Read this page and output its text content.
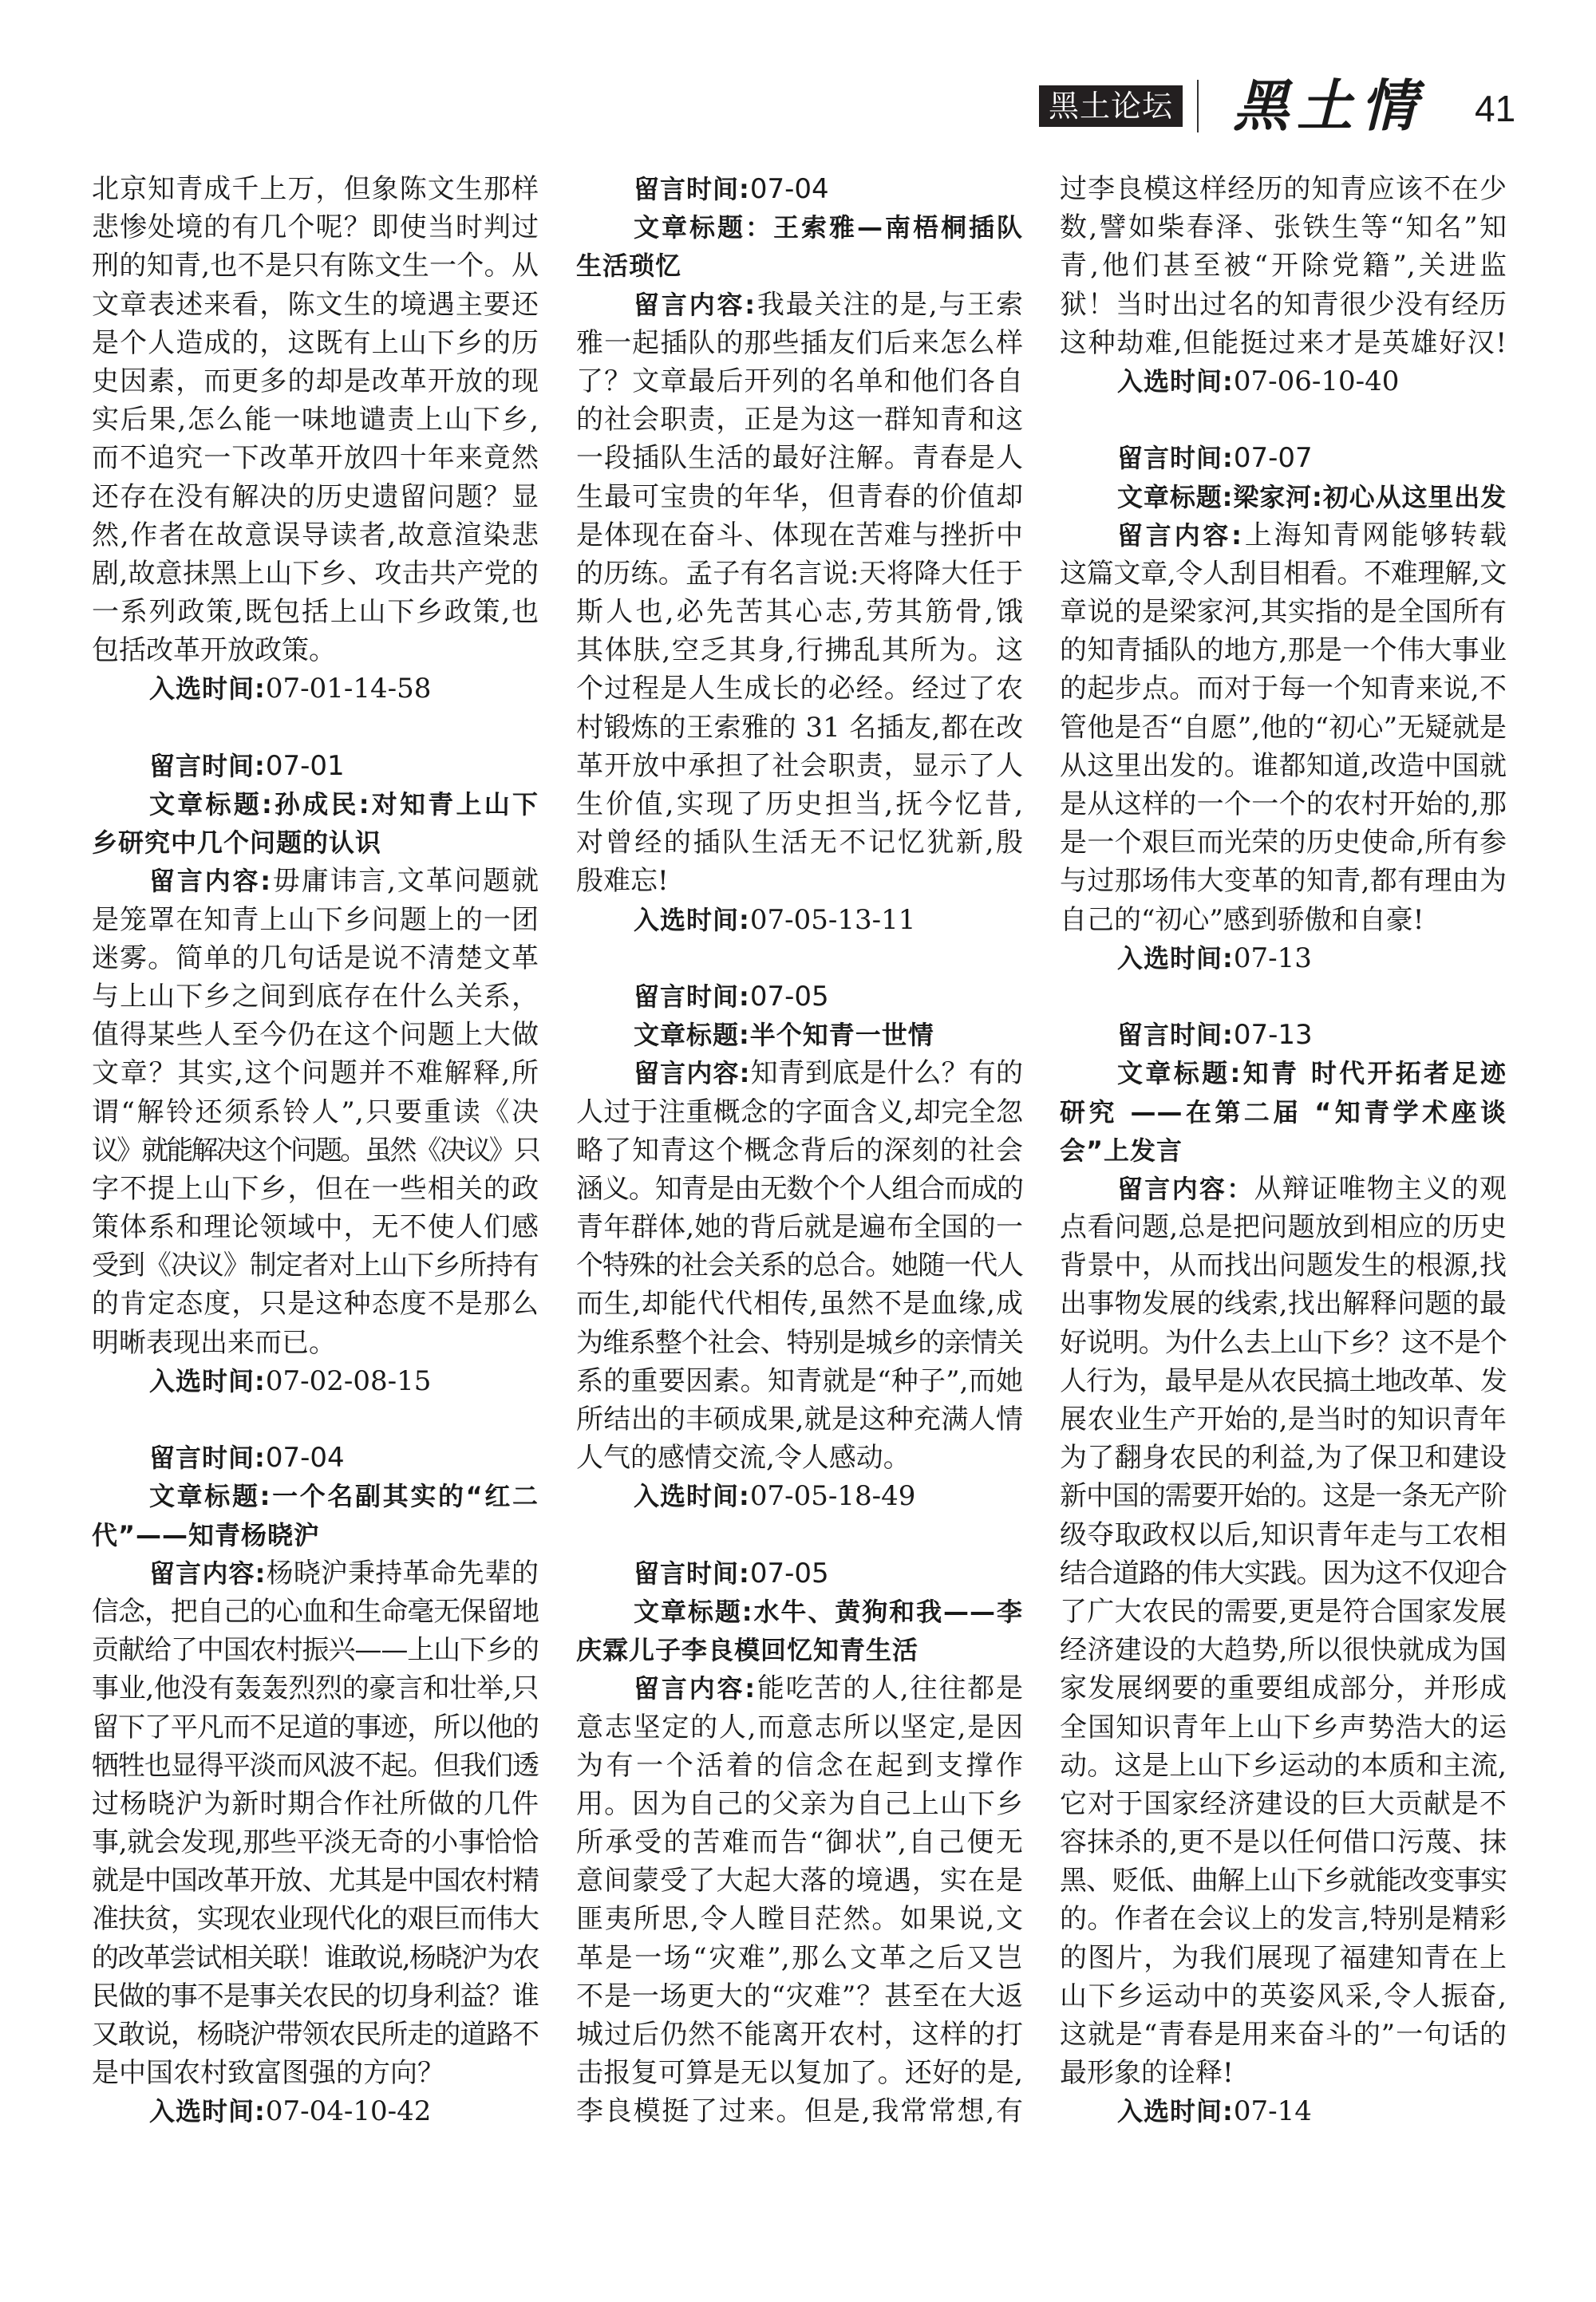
黑土论坛 黑土情 41
北京知青成千上万，但象陈文生那样
悲惨处境的有几个呢？即使当时判过
刑的知青,也不是只有陈文生一个。从
文章表述来看，陈文生的境遇主要还
是个人造成的，这既有上山下乡的历
史因素，而更多的却是改革开放的现
实后果,怎么能一味地谴责上山下乡,
而不追究一下改革开放四十年来竟然
还存在没有解决的历史遗留问题？显
然,作者在故意误导读者,故意渲染悲
剧,故意抹黑上山下乡、攻击共产党的
一系列政策,既包括上山下乡政策,也
包括改革开放政策。
入选时间:07-01-14-58
留言时间:07-01
文章标题:孙成民:对知青上山下
乡研究中几个问题的认识
留言内容:毋庸讳言,文革问题就
是笼罩在知青上山下乡问题上的一团
迷雾。简单的几句话是说不清楚文革
与上山下乡之间到底存在什么关系，
值得某些人至今仍在这个问题上大做
文章？其实,这个问题并不难解释,所
谓“解铃还须系铃人”,只要重读《决
议》就能解决这个问题。虽然《决议》只
字不提上山下乡，但在一些相关的政
策体系和理论领域中，无不使人们感
受到《决议》制定者对上山下乡所持有
的肯定态度，只是这种态度不是那么
明晰表现出来而已。
入选时间:07-02-08-15
留言时间:07-04
文章标题:一个名副其实的“红二
代”——知青杨晓沪
留言内容:杨晓沪秉持革命先辈的
信念，把自己的心血和生命毫无保留地
贡献给了中国农村振兴——上山下乡的
事业,他没有轰轰烈烈的豪言和壮举,只
留下了平凡而不足道的事迹，所以他的
牺牲也显得平淡而风波不起。但我们透
过杨晓沪为新时期合作社所做的几件
事,就会发现,那些平淡无奇的小事恰恰
就是中国改革开放、尤其是中国农村精
准扶贫，实现农业现代化的艰巨而伟大
的改革尝试相关联！谁敢说,杨晓沪为农
民做的事不是事关农民的切身利益？谁
又敢说，杨晓沪带领农民所走的道路不
是中国农村致富图强的方向？
入选时间:07-04-10-42
留言时间:07-04
文章标题：王索雅—南梧桐插队
生活琐忆
留言内容:我最关注的是,与王索
雅一起插队的那些插友们后来怎么样
了？文章最后开列的名单和他们各自
的社会职责，正是为这一群知青和这
一段插队生活的最好注解。青春是人
生最可宝贵的年华，但青春的价值却
是体现在奋斗、体现在苦难与挫折中
的历练。孟子有名言说:天将降大任于
斯人也,必先苦其心志,劳其筋骨,饿
其体肤,空乏其身,行拂乱其所为。这
个过程是人生成长的必经。经过了农
村锻炼的王索雅的 31 名插友,都在改
革开放中承担了社会职责，显示了人
生价值,实现了历史担当,抚今忆昔,
对曾经的插队生活无不记忆犹新,殷
殷难忘!
入选时间:07-05-13-11
留言时间:07-05
文章标题:半个知青一世情
留言内容:知青到底是什么？有的
人过于注重概念的字面含义,却完全忽
略了知青这个概念背后的深刻的社会
涵义。知青是由无数个个人组合而成的
青年群体,她的背后就是遍布全国的一
个特殊的社会关系的总合。她随一代人
而生,却能代代相传,虽然不是血缘,成
为维系整个社会、特别是城乡的亲情关
系的重要因素。知青就是“种子”,而她
所结出的丰硕成果,就是这种充满人情
人气的感情交流,令人感动。
入选时间:07-05-18-49
留言时间:07-05
文章标题:水牛、黄狗和我——李
庆霖儿子李良模回忆知青生活
留言内容:能吃苦的人,往往都是
意志坚定的人,而意志所以坚定,是因
为有一个活着的信念在起到支撑作
用。因为自己的父亲为自己上山下乡
所承受的苦难而告“御状”,自己便无
意间蒙受了大起大落的境遇，实在是
匪夷所思,令人瞠目茫然。如果说,文
革是一场“灾难”,那么文革之后又岂
不是一场更大的“灾难”？甚至在大返
城过后仍然不能离开农村，这样的打
击报复可算是无以复加了。还好的是,
李良模挺了过来。但是,我常常想,有
过李良模这样经历的知青应该不在少
数,譬如柴春泽、张铁生等“知名”知
青,他们甚至被“开除党籍”,关进监
狱！当时出过名的知青很少没有经历
这种劫难,但能挺过来才是英雄好汉!
入选时间:07-06-10-40
留言时间:07-07
文章标题:梁家河:初心从这里出发
留言内容:上海知青网能够转载
这篇文章,令人刮目相看。不难理解,文
章说的是梁家河,其实指的是全国所有
的知青插队的地方,那是一个伟大事业
的起步点。而对于每一个知青来说,不
管他是否“自愿”,他的“初心”无疑就是
从这里出发的。谁都知道,改造中国就
是从这样的一个一个的农村开始的,那
是一个艰巨而光荣的历史使命,所有参
与过那场伟大变革的知青,都有理由为
自己的“初心”感到骄傲和自豪!
入选时间:07-13
留言时间:07-13
文章标题:知青 时代开拓者足迹
研究 ——在第二届 “知青学术座谈
会”上发言
留言内容：从辩证唯物主义的观
点看问题,总是把问题放到相应的历史
背景中，从而找出问题发生的根源,找
出事物发展的线索,找出解释问题的最
好说明。为什么去上山下乡？这不是个
人行为，最早是从农民搞土地改革、发
展农业生产开始的,是当时的知识青年
为了翻身农民的利益,为了保卫和建设
新中国的需要开始的。这是一条无产阶
级夺取政权以后,知识青年走与工农相
结合道路的伟大实践。因为这不仅迎合
了广大农民的需要,更是符合国家发展
经济建设的大趋势,所以很快就成为国
家发展纲要的重要组成部分，并形成
全国知识青年上山下乡声势浩大的运
动。这是上山下乡运动的本质和主流,
它对于国家经济建设的巨大贡献是不
容抹杀的,更不是以任何借口污蔑、抹
黑、贬低、曲解上山下乡就能改变事实
的。作者在会议上的发言,特别是精彩
的图片，为我们展现了福建知青在上
山下乡运动中的英姿风采,令人振奋,
这就是“青春是用来奋斗的”一句话的
最形象的诠释!
入选时间:07-14
